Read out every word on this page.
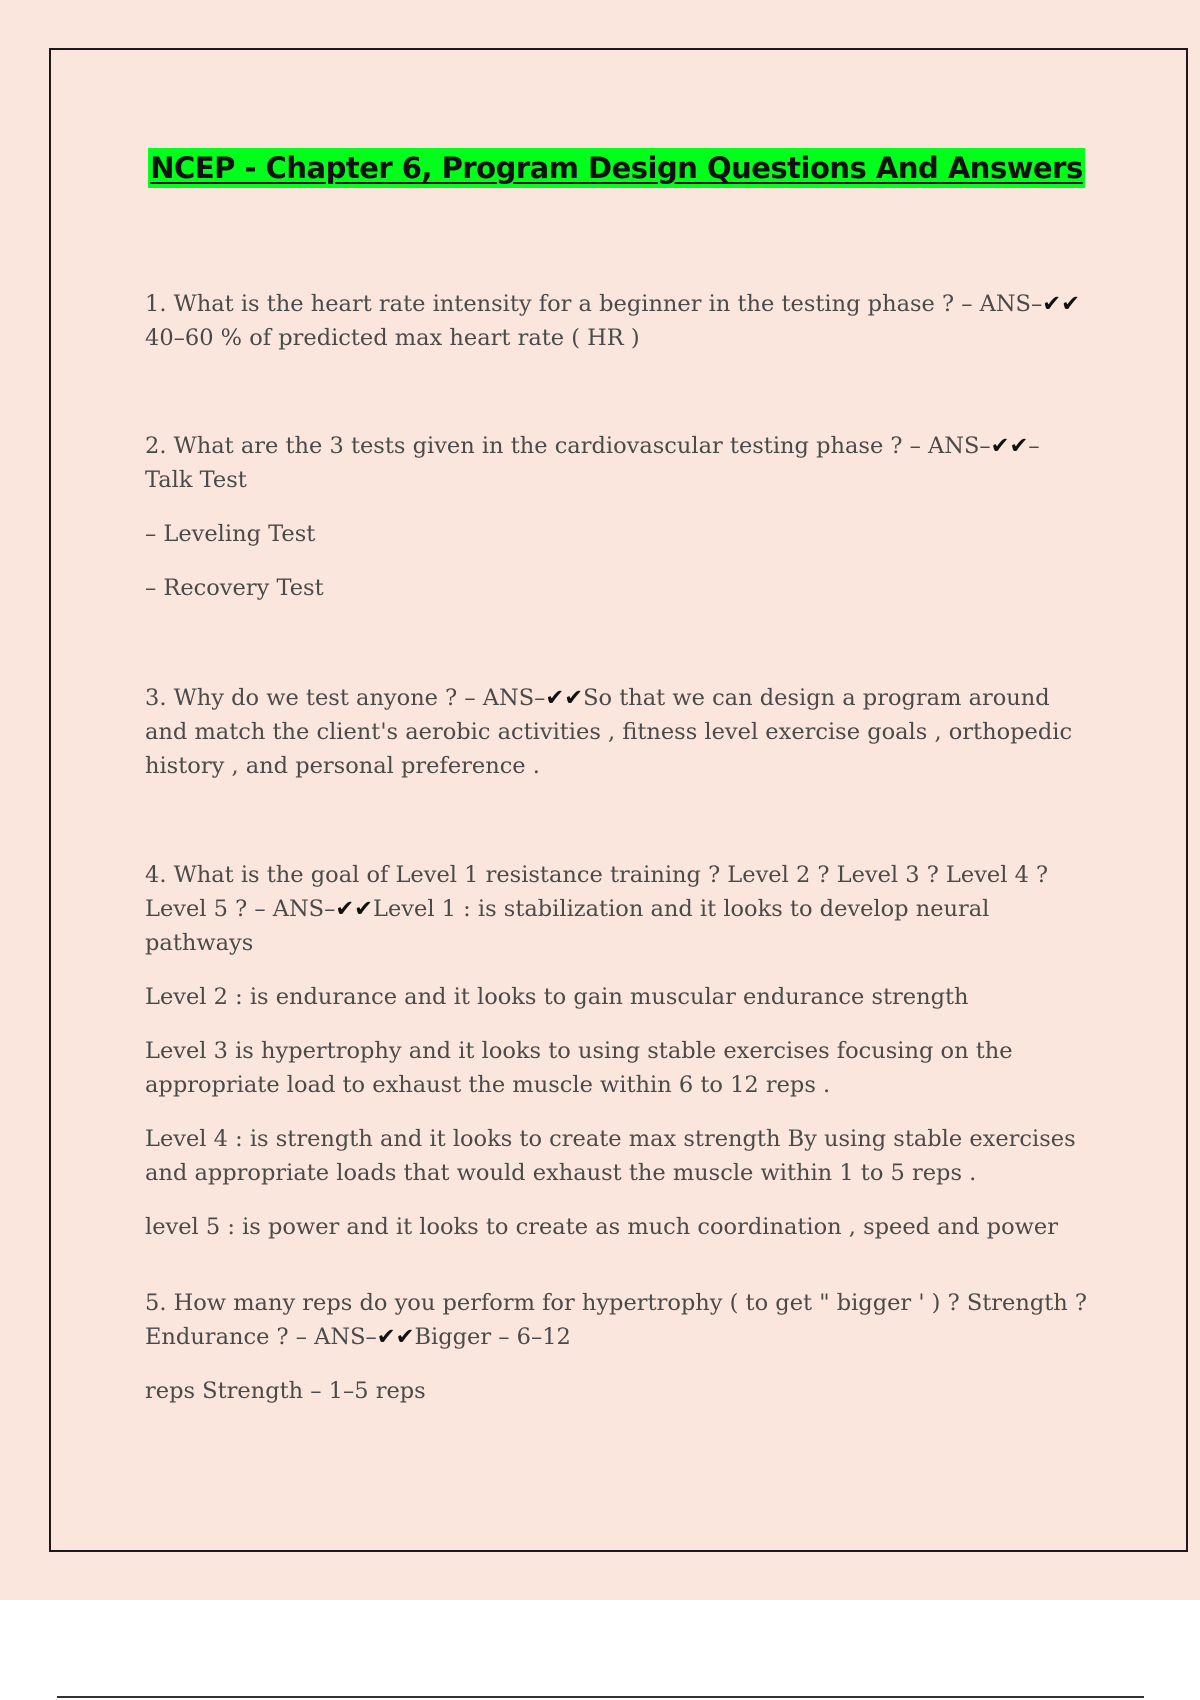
NCEP - Chapter 6, Program Design Questions And Answers

1. What is the heart rate intensity for a beginner in the testing phase ? – ANS–✔✔ 40–60 % of predicted max heart rate ( HR )

2. What are the 3 tests given in the cardiovascular testing phase ? – ANS–✔✔– Talk Test

– Leveling Test

– Recovery Test

3. Why do we test anyone ? – ANS–✔✔So that we can design a program around and match the client's aerobic activities , fitness level exercise goals , orthopedic history , and personal preference .

4. What is the goal of Level 1 resistance training ? Level 2 ? Level 3 ? Level 4 ? Level 5 ? – ANS–✔✔Level 1 : is stabilization and it looks to develop neural pathways

Level 2 : is endurance and it looks to gain muscular endurance strength

Level 3 is hypertrophy and it looks to using stable exercises focusing on the appropriate load to exhaust the muscle within 6 to 12 reps .

Level 4 : is strength and it looks to create max strength By using stable exercises and appropriate loads that would exhaust the muscle within 1 to 5 reps .

level 5 : is power and it looks to create as much coordination , speed and power

5. How many reps do you perform for hypertrophy ( to get " bigger ' ) ? Strength ? Endurance ? – ANS–✔✔Bigger – 6–12

reps Strength – 1–5 reps
